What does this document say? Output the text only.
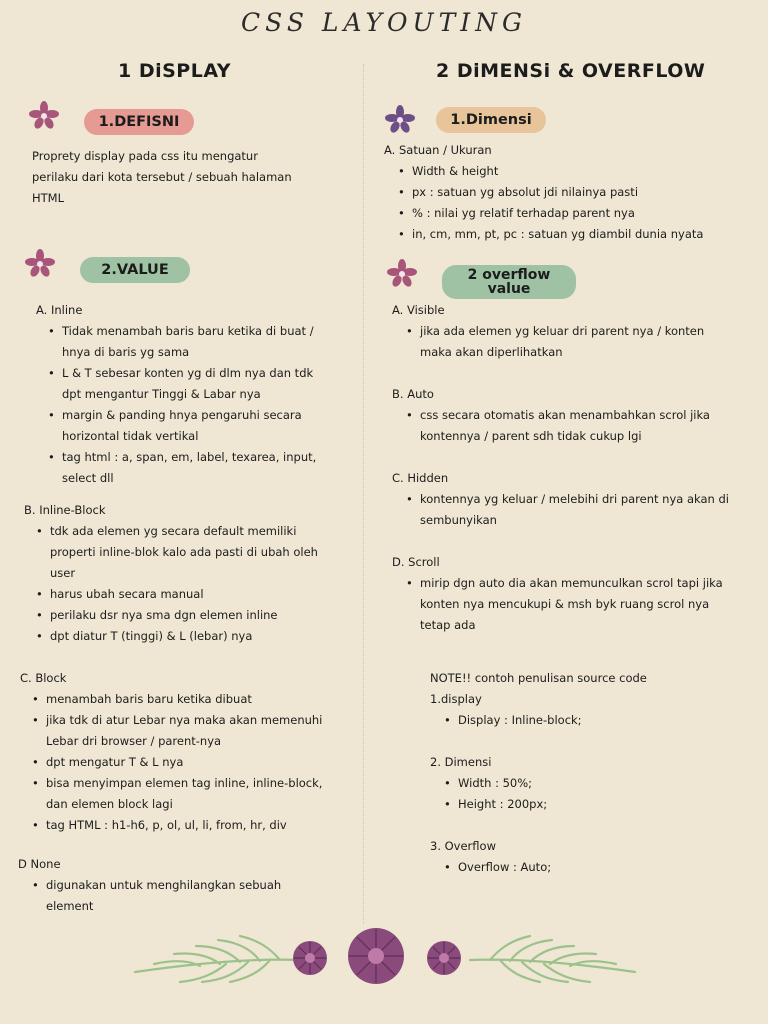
CSS LAYOUTING
1 DiSPLAY
1.DEFISNI
Proprety display pada css itu mengatur perilaku dari kota tersebut / sebuah halaman HTML
2.VALUE
A. Inline
• Tidak menambah baris baru ketika di buat / hnya di baris yg sama
• L & T sebesar konten yg di dlm nya dan tdk dpt mengantur Tinggi & Labar nya
• margin & panding hnya pengaruhi secara horizontal tidak vertikal
• tag html : a, span, em, label, texarea, input, select dll
B. Inline-Block
• tdk ada elemen yg secara default memiliki properti inline-blok kalo ada pasti di ubah oleh user
• harus ubah secara manual
• perilaku dsr nya sma dgn elemen inline
• dpt diatur T (tinggi) & L (lebar) nya
C. Block
• menambah baris baru ketika dibuat
• jika tdk di atur Lebar nya maka akan memenuhi Lebar dri browser / parent-nya
• dpt mengatur T & L nya
• bisa menyimpan elemen tag inline, inline-block, dan elemen block lagi
• tag HTML : h1-h6, p, ol, ul, li, from, hr, div
D None
• digunakan untuk menghilangkan sebuah element
2 DiMENSi & OVERFLOW
1.Dimensi
A. Satuan / Ukuran
• Width & height
• px : satuan yg absolut jdi nilainya pasti
• % : nilai yg relatif terhadap parent nya
• in, cm, mm, pt, pc : satuan yg diambil dunia nyata
2 overflow
value
A. Visible
• jika ada elemen yg keluar dri parent nya / konten maka akan diperlihatkan
B. Auto
• css secara otomatis akan menambahkan scrol jika kontennya / parent sdh tidak cukup lgi
C. Hidden
• kontennya yg keluar / melebihi dri parent nya akan di sembunyikan
D. Scroll
• mirip dgn auto dia akan memunculkan scrol tapi jika konten nya mencukupi & msh byk ruang scrol nya tetap ada
NOTE!! contoh penulisan source code
1.display
• Display : Inline-block;
2. Dimensi
• Width : 50%;
• Height : 200px;
3. Overflow
• Overflow : Auto;
